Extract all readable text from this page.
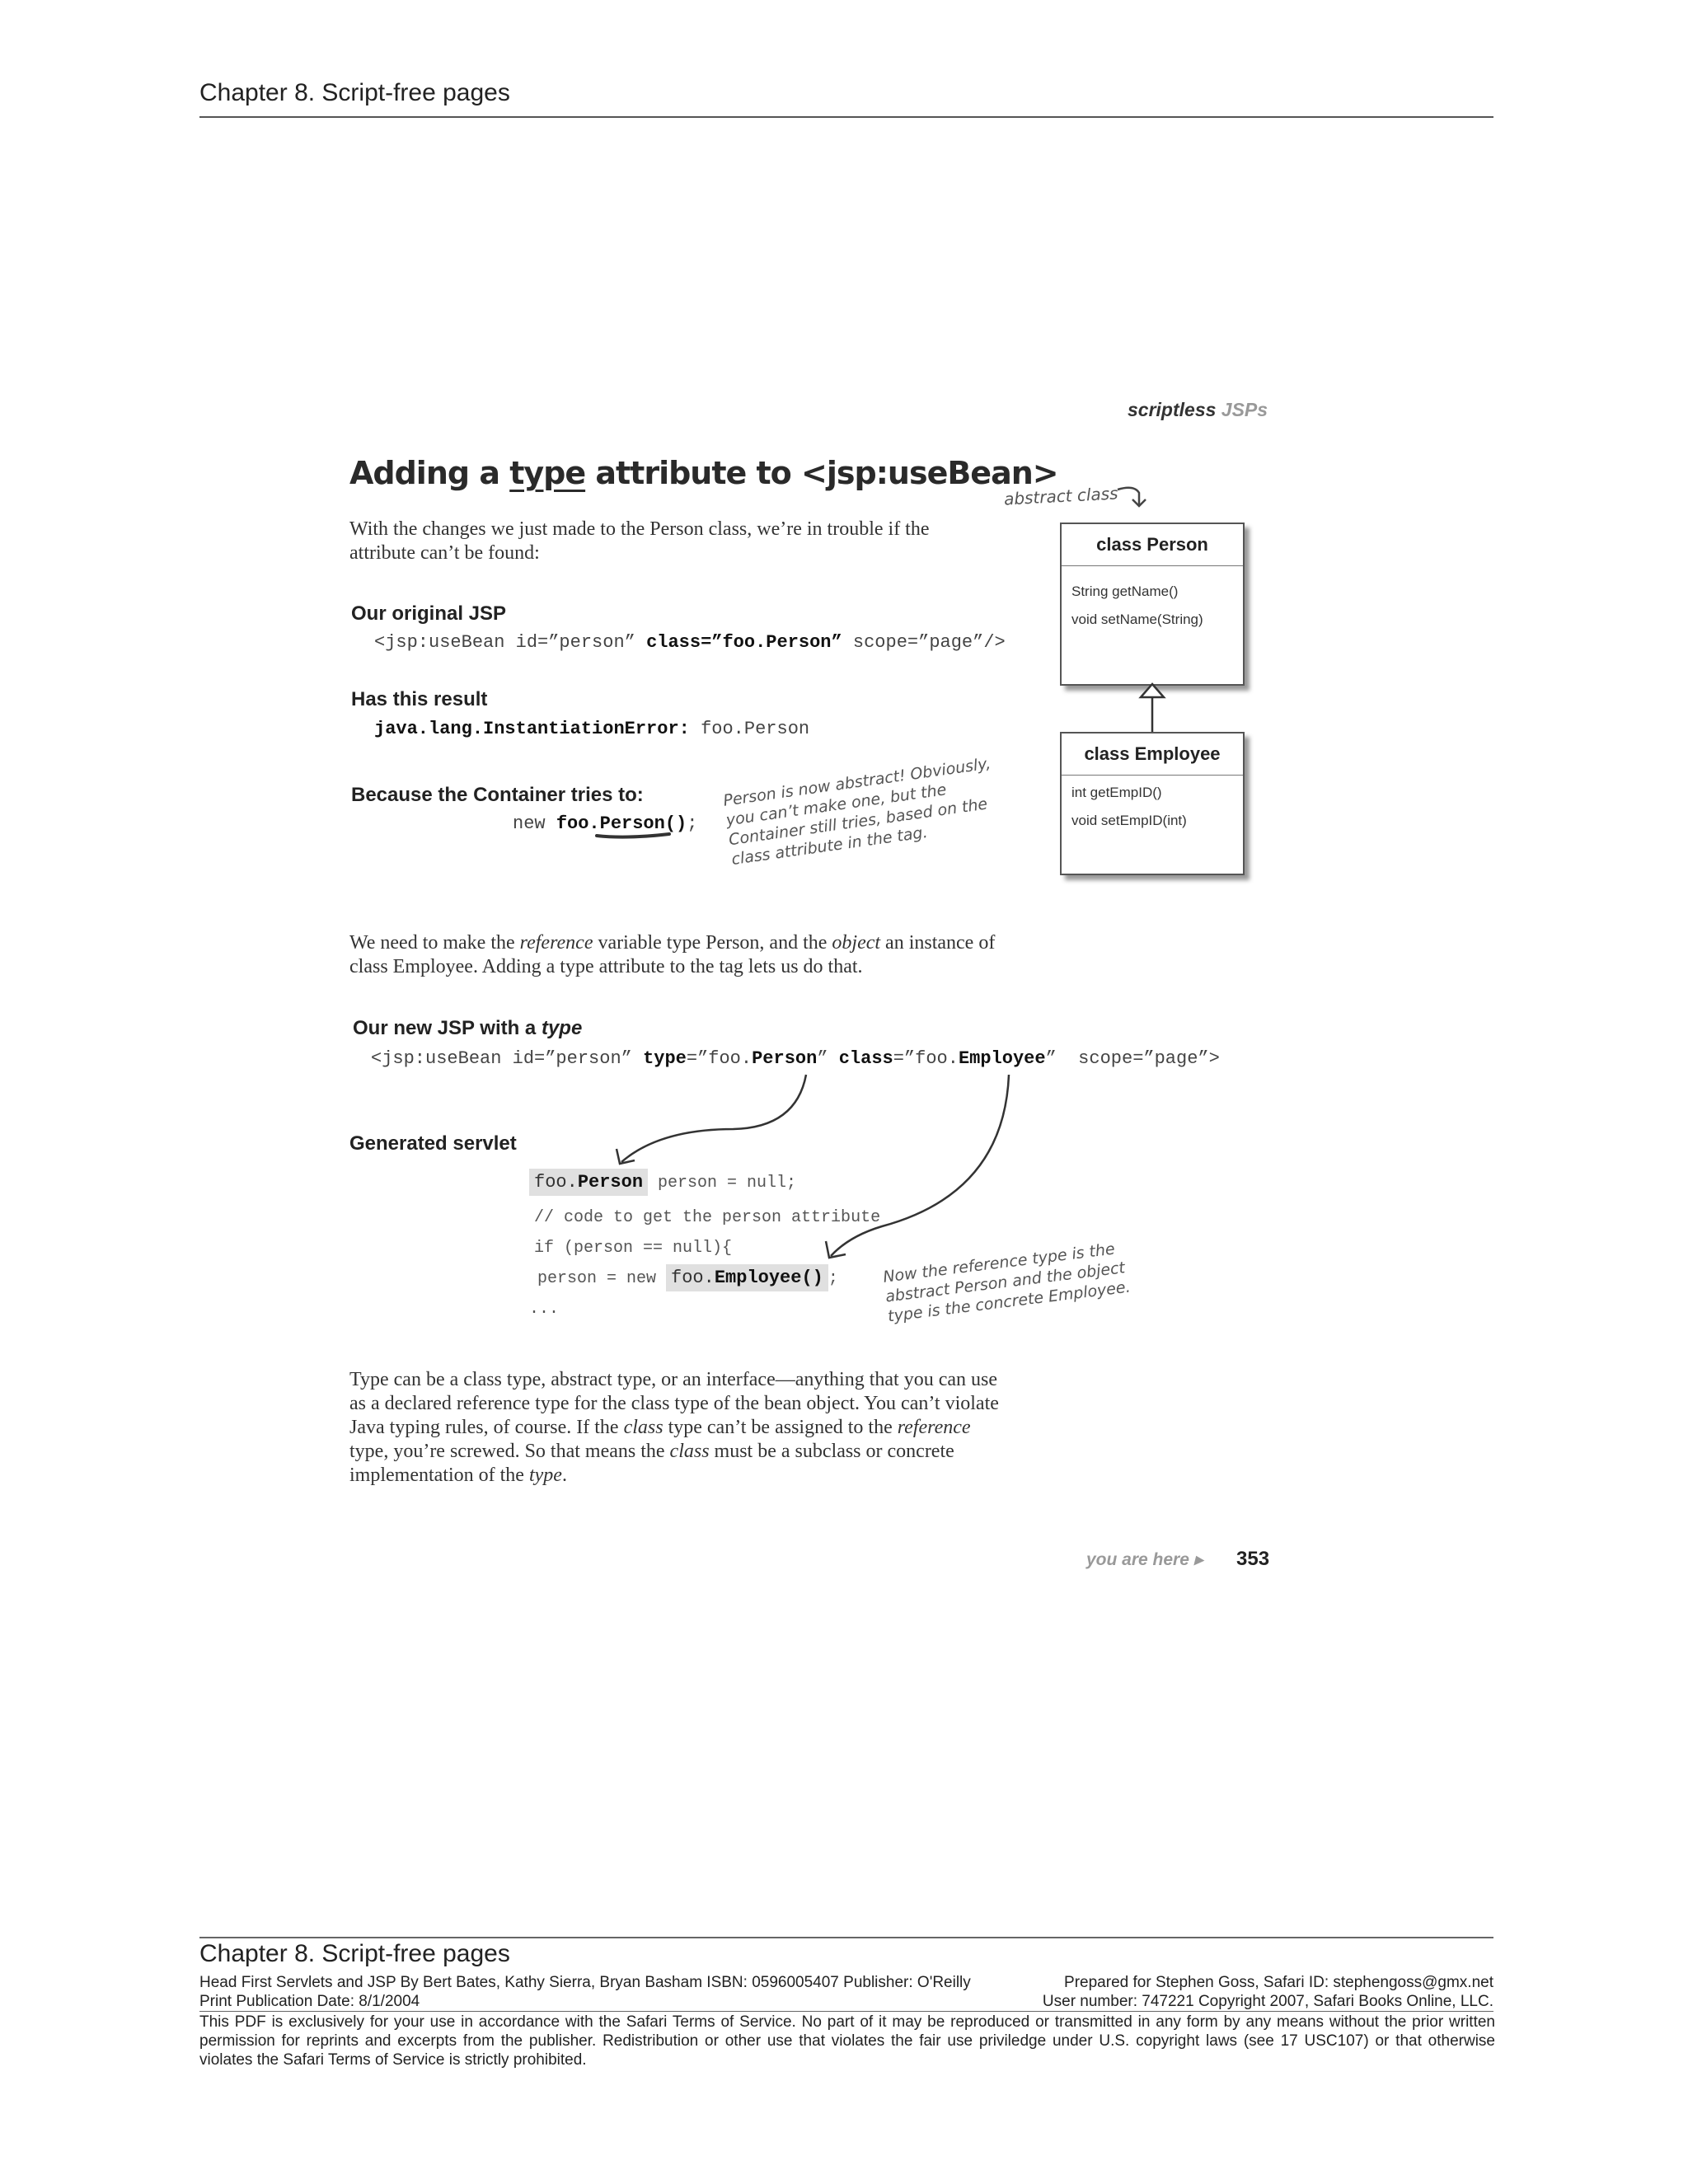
Chapter 8. Script-free pages
scriptless JSPs
Adding a type attribute to <jsp:useBean>
With the changes we just made to the Person class, we’re in trouble if the attribute can’t be found:
Our original JSP
<jsp:useBean id=”person” class=”foo.Person” scope=”page”/>
Has this result
java.lang.InstantiationError: foo.Person
Because the Container tries to:
new foo.Person();
Person is now abstract! Obviously, you can’t make one, but the Container still tries, based on the class attribute in the tag.
abstract class
class Person
String getName()
void setName(String)
class Employee
int getEmpID()
void setEmpID(int)
We need to make the reference variable type Person, and the object an instance of class Employee. Adding a type attribute to the tag lets us do that.
Our new JSP with a type
<jsp:useBean id=”person” type=”foo.Person” class=”foo.Employee”  scope=”page”>
Generated servlet
foo.Person person = null;
// code to get the person attribute
if (person == null){
person = new foo.Employee() ;
...
Now the reference type is the abstract Person and the object type is the concrete Employee.
Type can be a class type, abstract type, or an interface—anything that you can use as a declared reference type for the class type of the bean object. You can’t violate Java typing rules, of course. If the class type can’t be assigned to the reference type, you’re screwed. So that means the class must be a subclass or concrete implementation of the type.
you are here ▸ 353
Chapter 8. Script-free pages
Head First Servlets and JSP By Bert Bates, Kathy Sierra, Bryan Basham ISBN: 0596005407 Publisher: O'Reilly	Prepared for Stephen Goss, Safari ID: stephengoss@gmx.net
Print Publication Date: 8/1/2004	User number: 747221 Copyright 2007, Safari Books Online, LLC.
This PDF is exclusively for your use in accordance with the Safari Terms of Service. No part of it may be reproduced or transmitted in any form by any means without the prior written permission for reprints and excerpts from the publisher. Redistribution or other use that violates the fair use priviledge under U.S. copyright laws (see 17 USC107) or that otherwise violates the Safari Terms of Service is strictly prohibited.
